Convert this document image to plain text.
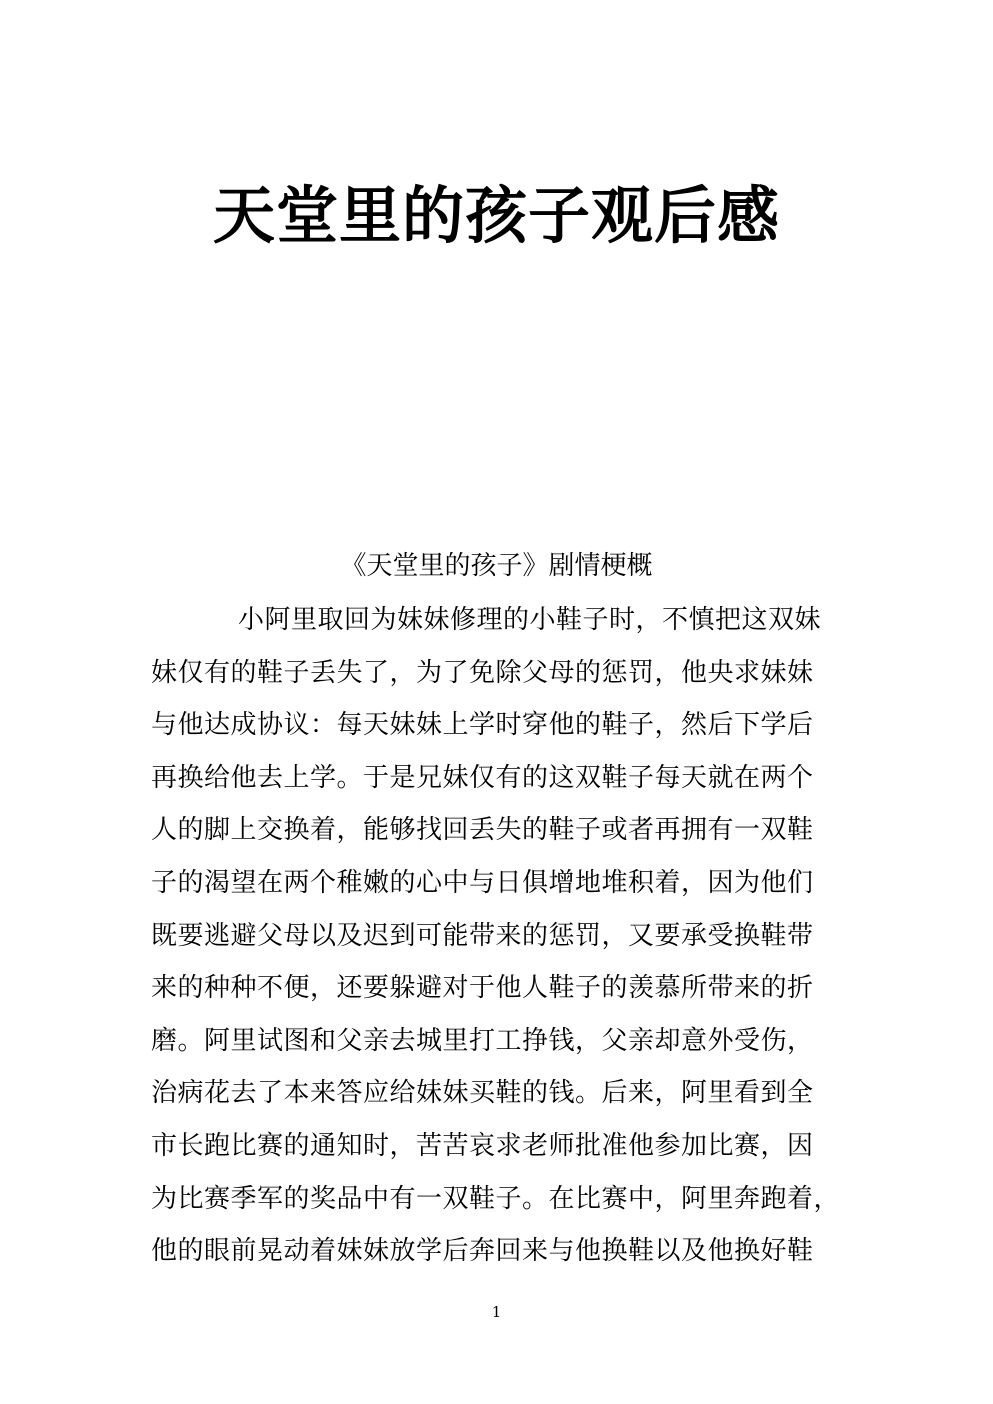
天堂里的孩子观后感
《天堂里的孩子》剧情梗概
小阿里取回为妹妹修理的小鞋子时，不慎把这双妹
妹仅有的鞋子丢失了，为了免除父母的惩罚，他央求妹妹
与他达成协议：每天妹妹上学时穿他的鞋子，然后下学后
再换给他去上学。于是兄妹仅有的这双鞋子每天就在两个
人的脚上交换着，能够找回丢失的鞋子或者再拥有一双鞋
子的渴望在两个稚嫩的心中与日俱增地堆积着，因为他们
既要逃避父母以及迟到可能带来的惩罚，又要承受换鞋带
来的种种不便，还要躲避对于他人鞋子的羡慕所带来的折
磨。阿里试图和父亲去城里打工挣钱，父亲却意外受伤，
治病花去了本来答应给妹妹买鞋的钱。后来，阿里看到全
市长跑比赛的通知时，苦苦哀求老师批准他参加比赛，因
为比赛季军的奖品中有一双鞋子。在比赛中，阿里奔跑着，
他的眼前晃动着妹妹放学后奔回来与他换鞋以及他换好鞋
1
